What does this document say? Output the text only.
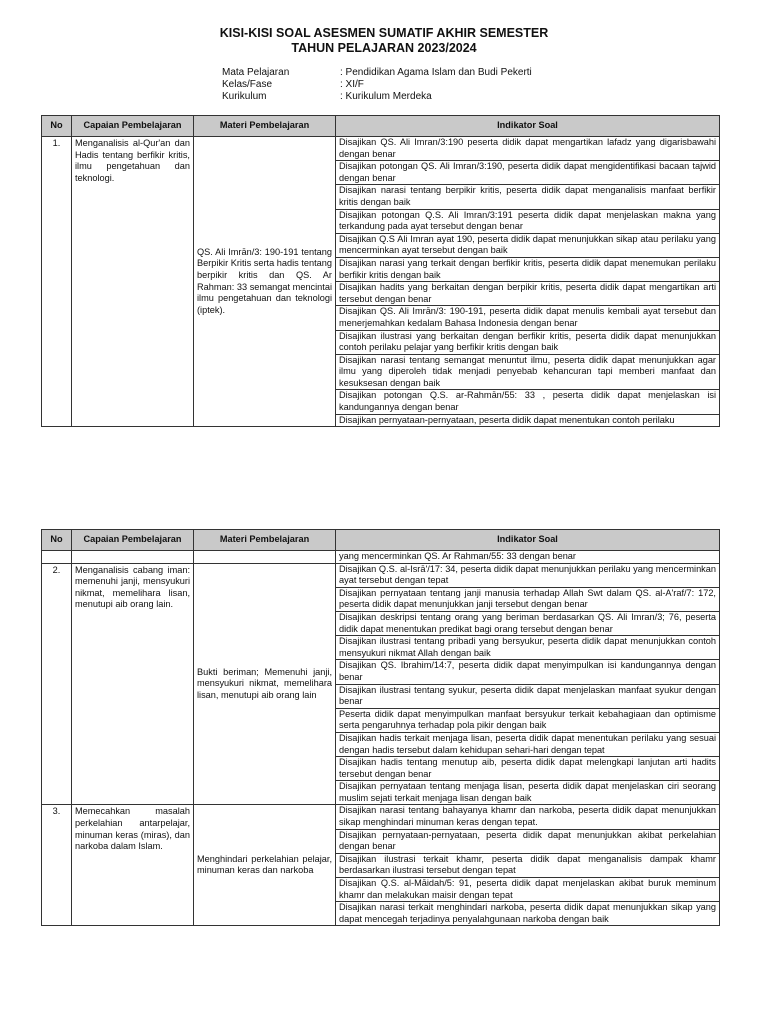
KISI-KISI SOAL ASESMEN SUMATIF AKHIR SEMESTER
TAHUN PELAJARAN 2023/2024
Mata Pelajaran	: Pendidikan Agama Islam dan Budi Pekerti
Kelas/Fase	: XI/F
Kurikulum	: Kurikulum Merdeka
No	Capaian Pembelajaran	Materi Pembelajaran	Indikator Soal
1.	Menganalisis al-Qur'an dan Hadis tentang berfikir kritis, ilmu pengetahuan dan teknologi.	QS. Ali Imrān/3: 190-191 tentang Berpikir Kritis serta hadis tentang berpikir kritis dan QS. Ar Rahman: 33 semangat mencintai ilmu pengetahuan dan teknologi (iptek).	Disajikan QS. Ali Imran/3:190 peserta didik dapat mengartikan lafadz yang digarisbawahi dengan benar
			Disajikan potongan QS. Ali Imran/3:190, peserta didik dapat mengidentifikasi bacaan tajwid dengan benar
			Disajikan narasi tentang berpikir kritis, peserta didik dapat menganalisis manfaat berfikir kritis dengan baik
			Disajikan potongan Q.S. Ali Imran/3:191 peserta didik dapat menjelaskan makna yang terkandung pada ayat tersebut dengan benar
			Disajikan Q.S Ali Imran ayat 190, peserta didik dapat menunjukkan sikap atau perilaku yang mencerminkan ayat tersebut dengan baik
			Disajikan narasi yang terkait dengan berfikir kritis, peserta didik dapat menemukan perilaku berfikir kritis dengan baik
			Disajikan hadits yang berkaitan dengan berpikir kritis, peserta didik dapat mengartikan arti tersebut dengan benar
			Disajikan QS. Ali Imrān/3: 190-191, peserta didik dapat menulis kembali ayat tersebut dan menerjemahkan kedalam Bahasa Indonesia dengan benar
			Disajikan ilustrasi yang berkaitan dengan berfikir kritis, peserta didik dapat menunjukkan contoh perilaku pelajar yang berfikir kritis dengan baik
			Disajikan narasi tentang semangat menuntut ilmu, peserta didik dapat menunjukkan agar ilmu yang diperoleh tidak menjadi penyebab kehancuran tapi memberi manfaat dan kesuksesan dengan baik
			Disajikan potongan Q.S. ar-Rahmān/55: 33 , peserta didik dapat menjelaskan isi kandungannya dengan benar
			Disajikan pernyataan-pernyataan, peserta didik dapat menentukan contoh perilaku
No	Capaian Pembelajaran	Materi Pembelajaran	Indikator Soal
			yang mencerminkan QS. Ar Rahman/55: 33 dengan benar
2.	Menganalisis cabang iman: memenuhi janji, mensyukuri nikmat, memelihara lisan, menutupi aib orang lain.	Bukti beriman; Memenuhi janji, mensyukuri nikmat, memelihara lisan, menutupi aib orang lain	Disajikan Q.S. al-Isrā'/17: 34, peserta didik dapat menunjukkan perilaku yang mencerminkan ayat tersebut dengan tepat
			Disajikan pernyataan tentang janji manusia terhadap Allah Swt dalam QS. al-A'raf/7: 172, peserta didik dapat menunjukkan janji tersebut dengan benar
			Disajikan deskripsi tentang orang yang beriman berdasarkan QS. Ali Imran/3; 76, peserta didik dapat menentukan predikat bagi orang tersebut dengan benar
			Disajikan ilustrasi tentang pribadi yang bersyukur, peserta didik dapat menunjukkan contoh mensyukuri nikmat Allah dengan baik
			Disajikan QS. Ibrahim/14:7, peserta didik dapat menyimpulkan isi kandungannya dengan benar
			Disajikan ilustrasi tentang syukur, peserta didik dapat menjelaskan manfaat syukur dengan benar
			Peserta didik dapat menyimpulkan manfaat bersyukur terkait kebahagiaan dan optimisme serta pengaruhnya terhadap pola pikir dengan baik
			Disajikan hadis terkait menjaga lisan, peserta didik dapat menentukan perilaku yang sesuai dengan hadis tersebut dalam kehidupan sehari-hari dengan tepat
			Disajikan hadis tentang menutup aib, peserta didik dapat melengkapi lanjutan arti hadits tersebut dengan benar
			Disajikan pernyataan tentang menjaga lisan, peserta didik dapat menjelaskan ciri seorang muslim sejati terkait menjaga lisan dengan baik
3.	Memecahkan masalah perkelahian antarpelajar, minuman keras (miras), dan narkoba dalam Islam.	Menghindari perkelahian pelajar, minuman keras dan narkoba	Disajikan narasi tentang bahayanya khamr dan narkoba, peserta didik dapat menunjukkan sikap menghindari minuman keras dengan tepat.
			Disajikan pernyataan-pernyataan, peserta didik dapat menunjukkan akibat perkelahian dengan benar
			Disajikan ilustrasi terkait khamr, peserta didik dapat menganalisis dampak khamr berdasarkan ilustrasi tersebut dengan tepat
			Disajikan Q.S. al-Māidah/5: 91, peserta didik dapat menjelaskan akibat buruk meminum khamr dan melakukan maisir dengan tepat
			Disajikan narasi terkait menghindari narkoba, peserta didik dapat menunjukkan sikap yang dapat mencegah terjadinya penyalahgunaan narkoba dengan baik
